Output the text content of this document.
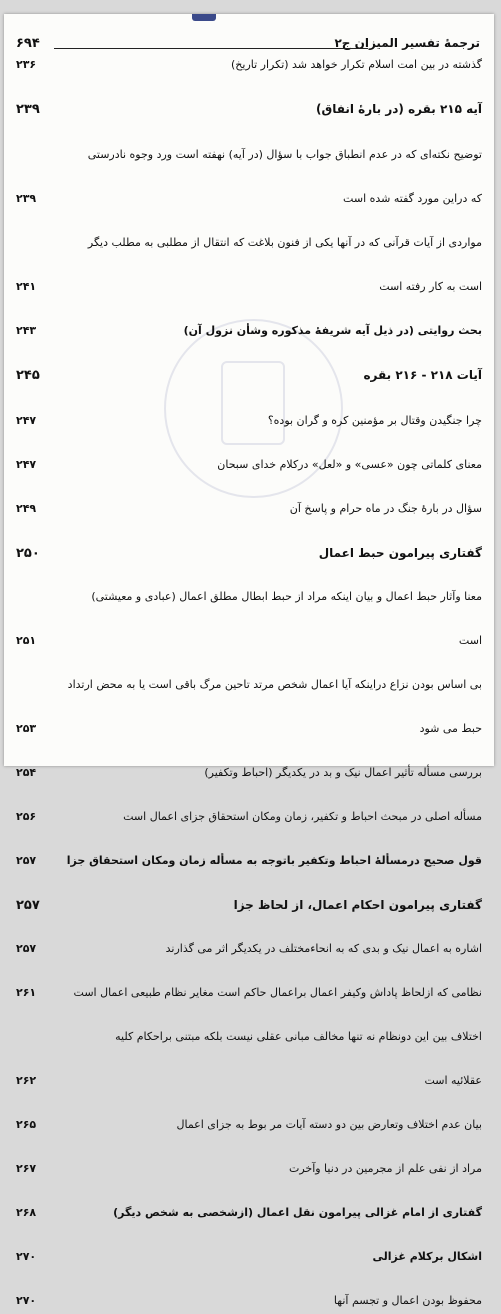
ترجمهٔ تفسیر المیزان ج۲
۶۹۴
گذشته در بین امت اسلام تکرار خواهد شد (تکرار تاریخ)
۲۳۶
آیه ۲۱۵ بقره (در بارهٔ انفاق)
۲۳۹
توضیح نکته‌ای که در عدم انطباق جواب با سؤال (در آیه) نهفته است ورد وجوه نادرستی
که دراین مورد گفته شده است
۲۳۹
مواردی از آیات قرآنی که در آنها یکی از فنون بلاغت که انتقال از مطلبی به مطلب دیگر
است به کار رفته است
۲۴۱
بحث روایتی (در ذیل آیه شریفهٔ مذکوره وشأن نزول آن)
۲۴۳
آیات ۲۱۸ - ۲۱۶ بقره
۲۴۵
چرا جنگیدن وقتال بر مؤمنین کره و گران بوده؟
۲۴۷
معنای کلماتی چون «عسی» و «لعل» درکلام خدای سبحان
۲۴۷
سؤال در بارهٔ جنگ در ماه حرام و پاسخ آن
۲۴۹
گفتاری پیرامون حبط اعمال
۲۵۰
معنا وآثار حبط اعمال و بیان اینکه مراد از حبط ابطال مطلق اعمال (عبادی و معیشتی)
است
۲۵۱
بی اساس بودن نزاع دراینکه آیا اعمال شخص مرتد تاحین مرگ باقی است یا به محض ارتداد
حبط می شود
۲۵۳
بررسی مسأله تأثیر اعمال نیک و بد در یکدیگر (احباط وتکفیر)
۲۵۴
مسأله اصلی در مبحث احباط و تکفیر، زمان ومکان استحقاق جزای اعمال است
۲۵۶
قول صحیح درمسألهٔ احباط وتکفیر باتوجه به مسأله زمان ومکان استحقاق جزا
۲۵۷
گفتاری پیرامون احکام اعمال، از لحاظ جزا
۲۵۷
اشاره به اعمال نیک و بدی که به انحاءمختلف در یکدیگر اثر می گذارند
۲۵۷
نظامی که ازلحاظ پاداش وکیفر اعمال براعمال حاکم است مغایر نظام طبیعی اعمال است
۲۶۱
اختلاف بین این دونظام نه تنها مخالف مبانی عقلی نیست بلکه مبتنی براحکام کلیه
عقلائیه است
۲۶۲
بیان عدم اختلاف وتعارض بین دو دسته آیات مر بوط به جزای اعمال
۲۶۵
مراد از نفی علم از مجرمین در دنیا وآخرت
۲۶۷
گفتاری از امام غزالی پیرامون نقل اعمال (ازشخصی به شخص دیگر)
۲۶۸
اشکال برکلام غزالی
۲۷۰
محفوظ بودن اعمال و تجسم آنها
۲۷۰
